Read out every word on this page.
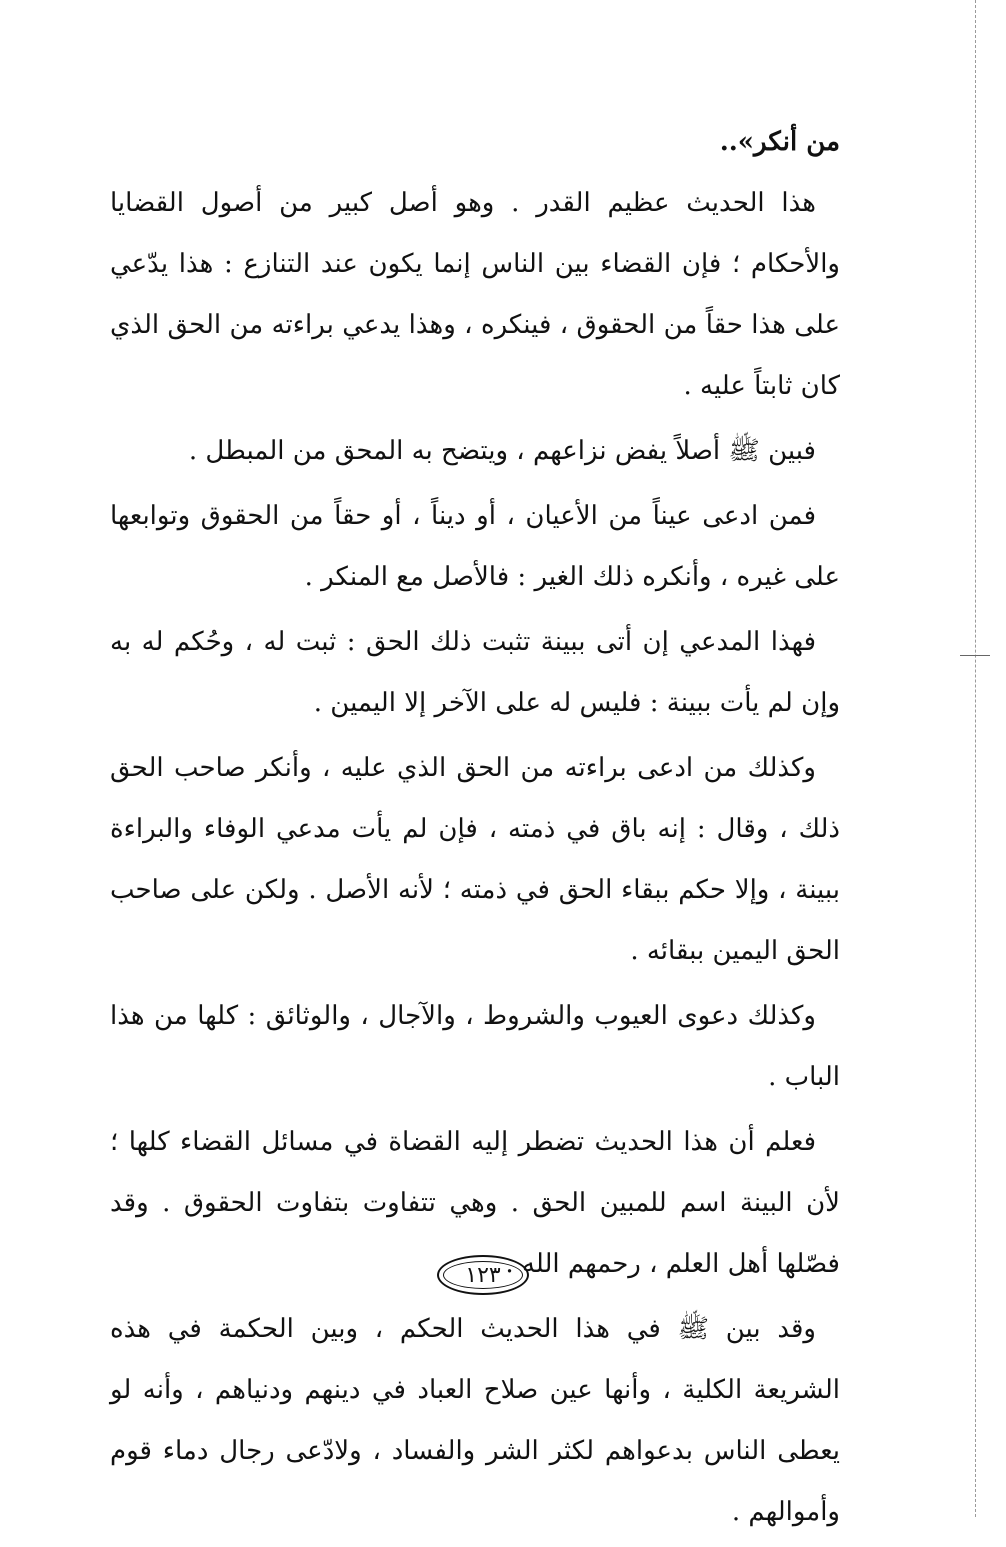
من أنكر»..

هذا الحديث عظيم القدر . وهو أصل كبير من أصول القضايا والأحكام ؛ فإن القضاء بين الناس إنما يكون عند التنازع : هذا يدّعي على هذا حقاً من الحقوق ، فينكره ، وهذا يدعي براءته من الحق الذي كان ثابتاً عليه .

فبين ﷺ أصلاً يفض نزاعهم ، ويتضح به المحق من المبطل .

فمن ادعى عيناً من الأعيان ، أو ديناً ، أو حقاً من الحقوق وتوابعها على غيره ، وأنكره ذلك الغير : فالأصل مع المنكر .

فهذا المدعي إن أتى ببينة تثبت ذلك الحق : ثبت له ، وحُكم له به وإن لم يأت ببينة : فليس له على الآخر إلا اليمين .

وكذلك من ادعى براءته من الحق الذي عليه ، وأنكر صاحب الحق ذلك ، وقال : إنه باق في ذمته ، فإن لم يأت مدعي الوفاء والبراءة ببينة ، وإلا حكم ببقاء الحق في ذمته ؛ لأنه الأصل . ولكن على صاحب الحق اليمين ببقائه .

وكذلك دعوى العيوب والشروط ، والآجال ، والوثائق : كلها من هذا الباب .

فعلم أن هذا الحديث تضطر إليه القضاة في مسائل القضاء كلها ؛ لأن البينة اسم للمبين الحق . وهي تتفاوت بتفاوت الحقوق . وقد فصّلها أهل العلم ، رحمهم الله .

وقد بين ﷺ في هذا الحديث الحكم ، وبين الحكمة في هذه الشريعة الكلية ، وأنها عين صلاح العباد في دينهم ودنياهم ، وأنه لو يعطى الناس بدعواهم لكثر الشر والفساد ، ولادّعى رجال دماء قوم وأموالهم .

١٢٣
